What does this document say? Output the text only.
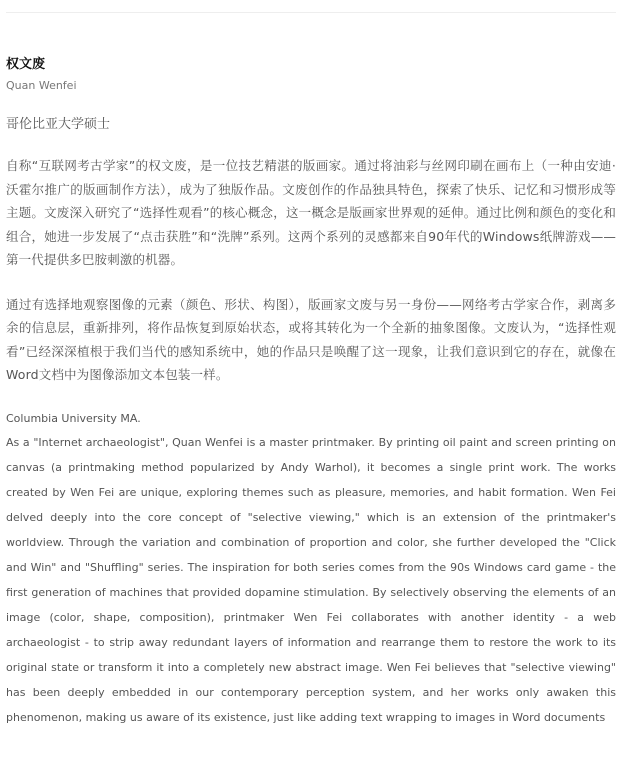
权文废

Quan Wenfei

哥伦比亚大学硕士

自称“互联网考古学家”的权文废，是一位技艺精湛的版画家。通过将油彩与丝网印刷在画布上（一种由安迪·沃霍尔推广的版画制作方法），成为了独版作品。文废创作的作品独具特色，探索了快乐、记忆和习惯形成等主题。文废深入研究了“选择性观看”的核心概念，这一概念是版画家世界观的延伸。通过比例和颜色的变化和组合，她进一步发展了“点击获胜”和“洗牌”系列。这两个系列的灵感都来自90年代的Windows纸牌游戏——第一代提供多巴胺刺激的机器。

通过有选择地观察图像的元素（颜色、形状、构图），版画家文废与另一身份——网络考古学家合作，剥离多余的信息层，重新排列，将作品恢复到原始状态，或将其转化为一个全新的抽象图像。文废认为，“选择性观看”已经深深植根于我们当代的感知系统中，她的作品只是唤醒了这一现象，让我们意识到它的存在，就像在Word文档中为图像添加文本包装一样。

Columbia University MA.

As a "Internet archaeologist", Quan Wenfei is a master printmaker. By printing oil paint and screen printing on canvas (a printmaking method popularized by Andy Warhol), it becomes a single print work. The works created by Wen Fei are unique, exploring themes such as pleasure, memories, and habit formation. Wen Fei delved deeply into the core concept of "selective viewing," which is an extension of the printmaker's worldview. Through the variation and combination of proportion and color, she further developed the "Click and Win" and "Shuffling" series. The inspiration for both series comes from the 90s Windows card game - the first generation of machines that provided dopamine stimulation. By selectively observing the elements of an image (color, shape, composition), printmaker Wen Fei collaborates with another identity - a web archaeologist - to strip away redundant layers of information and rearrange them to restore the work to its original state or transform it into a completely new abstract image. Wen Fei believes that "selective viewing" has been deeply embedded in our contemporary perception system, and her works only awaken this phenomenon, making us aware of its existence, just like adding text wrapping to images in Word documents
